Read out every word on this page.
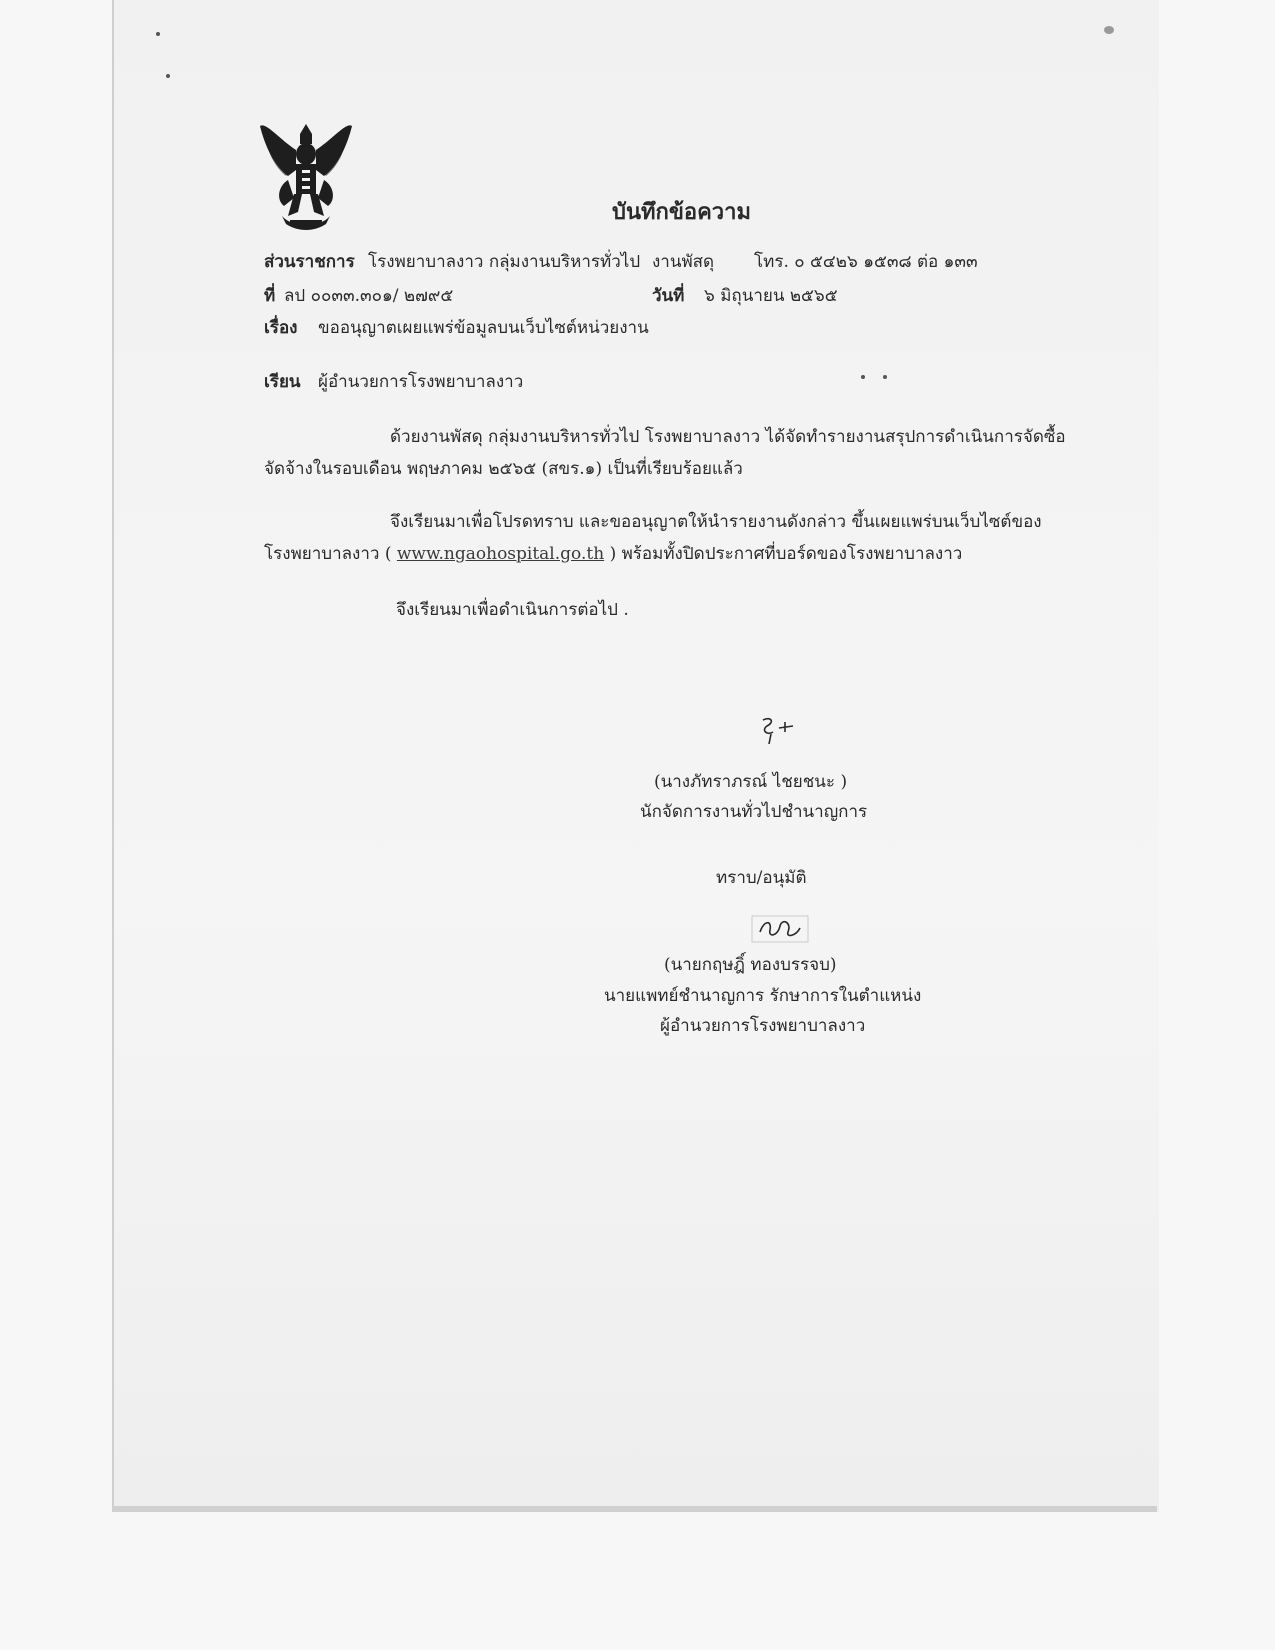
บันทึกข้อความ
ส่วนราชการ โรงพยาบาลงาว กลุ่มงานบริหารทั่วไป งานพัสดุ โทร. ๐ ๕๔๒๖ ๑๕๓๘ ต่อ ๑๓๓
ที่ ลป ๐๐๓๓.๓๐๑/ ๒๗๙๕	วันที่ ๖ มิถุนายน ๒๕๖๕
เรื่อง ขออนุญาตเผยแพร่ข้อมูลบนเว็บไซต์หน่วยงาน
เรียน ผู้อำนวยการโรงพยาบาลงาว
ด้วยงานพัสดุ กลุ่มงานบริหารทั่วไป โรงพยาบาลงาว ได้จัดทำรายงานสรุปการดำเนินการจัดซื้อ
จัดจ้างในรอบเดือน พฤษภาคม ๒๕๖๕ (สขร.๑) เป็นที่เรียบร้อยแล้ว
จึงเรียนมาเพื่อโปรดทราบ และขออนุญาตให้นำรายงานดังกล่าว ขึ้นเผยแพร่บนเว็บไซต์ของ
โรงพยาบาลงาว ( www.ngaohospital.go.th ) พร้อมทั้งปิดประกาศที่บอร์ดของโรงพยาบาลงาว
จึงเรียนมาเพื่อดำเนินการต่อไป .
(นางภัทราภรณ์ ไชยชนะ )
นักจัดการงานทั่วไปชำนาญการ
ทราบ/อนุมัติ
(นายกฤษฎิ์ ทองบรรจบ)
นายแพทย์ชำนาญการ รักษาการในตำแหน่ง
ผู้อำนวยการโรงพยาบาลงาว
